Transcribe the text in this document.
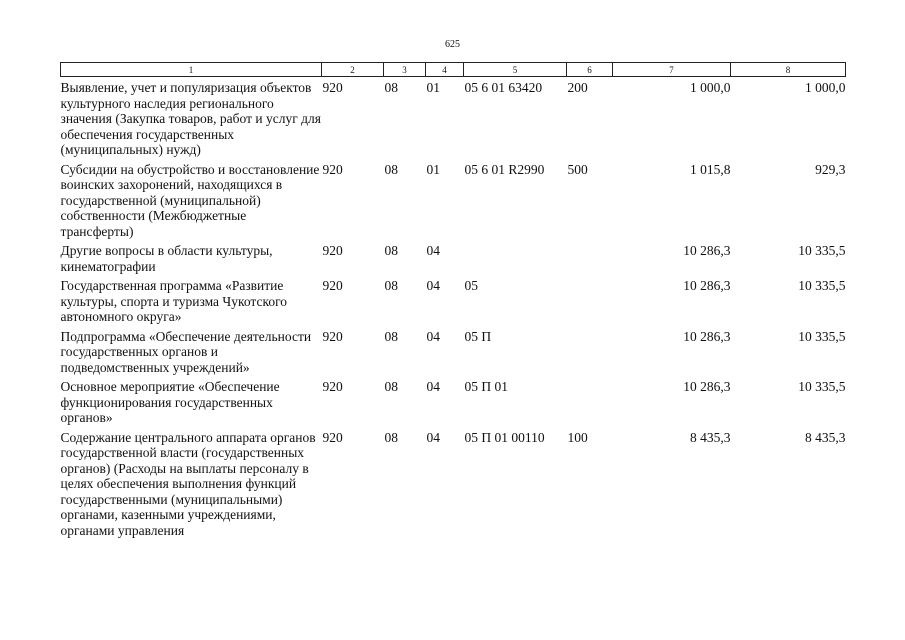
625
1	2	3	4	5	6	7	8
Выявление, учет и популяризация объектов культурного наследия регионального значения (Закупка товаров, работ и услуг для обеспечения государственных (муниципальных) нужд)	920	08	01	05 6 01 63420	200	1 000,0	1 000,0
Субсидии на обустройство и восстановление воинских захоронений, находящихся в государственной (муниципальной) собственности (Межбюджетные трансферты)	920	08	01	05 6 01 R2990	500	1 015,8	929,3
Другие вопросы в области культуры, кинематографии	920	08	04			10 286,3	10 335,5
Государственная программа «Развитие культуры, спорта и туризма Чукотского автономного округа»	920	08	04	05		10 286,3	10 335,5
Подпрограмма «Обеспечение деятельности государственных органов и подведомственных учреждений»	920	08	04	05 П		10 286,3	10 335,5
Основное мероприятие «Обеспечение функционирования государственных органов»	920	08	04	05 П 01		10 286,3	10 335,5
Содержание центрального аппарата органов государственной власти (государственных органов) (Расходы на выплаты персоналу в целях обеспечения выполнения функций государственными (муниципальными) органами, казенными учреждениями, органами управления	920	08	04	05 П 01 00110	100	8 435,3	8 435,3
